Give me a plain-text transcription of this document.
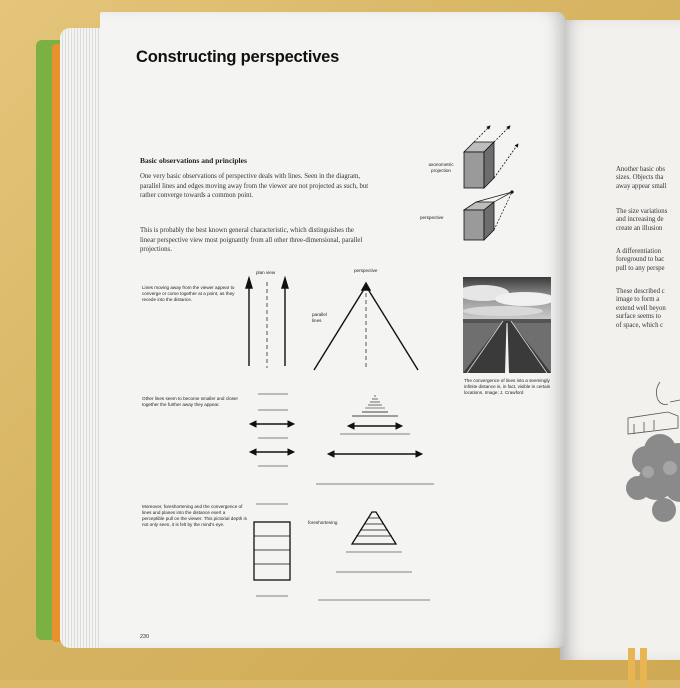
Another basic obs
sizes. Objects tha
away appear small
The size variations
and increasing de
create an illusion
A differentiation
foreground to bac
pull to any perspe
These described c
image to form a
extend well beyon
surface seems to
of space, which c
Constructing perspectives
Basic observations and principles
One very basic observations of perspective deals with lines. Seen in the diagram, parallel lines and edges moving away from the viewer are not projected as such, but rather converge towards a common point.
This is probably the best known general characteristic, which distinguishes the linear perspective view most poignantly from all other three-dimensional, parallel projections.
axonometric projection
perspective
Lines moving away from the viewer appear to converge or come together at a point, as they recede into the distance.
plan view	perspective
parallel lines
The convergence of lines into a seemingly infinite distance is, in fact, visible in certain locations. Image: J. Crawford
Other lines seem to become smaller and closer together the further away they appear.
Moreover, foreshortening and the convergence of lines and planes into the distance exert a perceptible pull on the viewer. This pictorial depth is not only seen, it is felt by the mind's eye.	foreshortening
230
